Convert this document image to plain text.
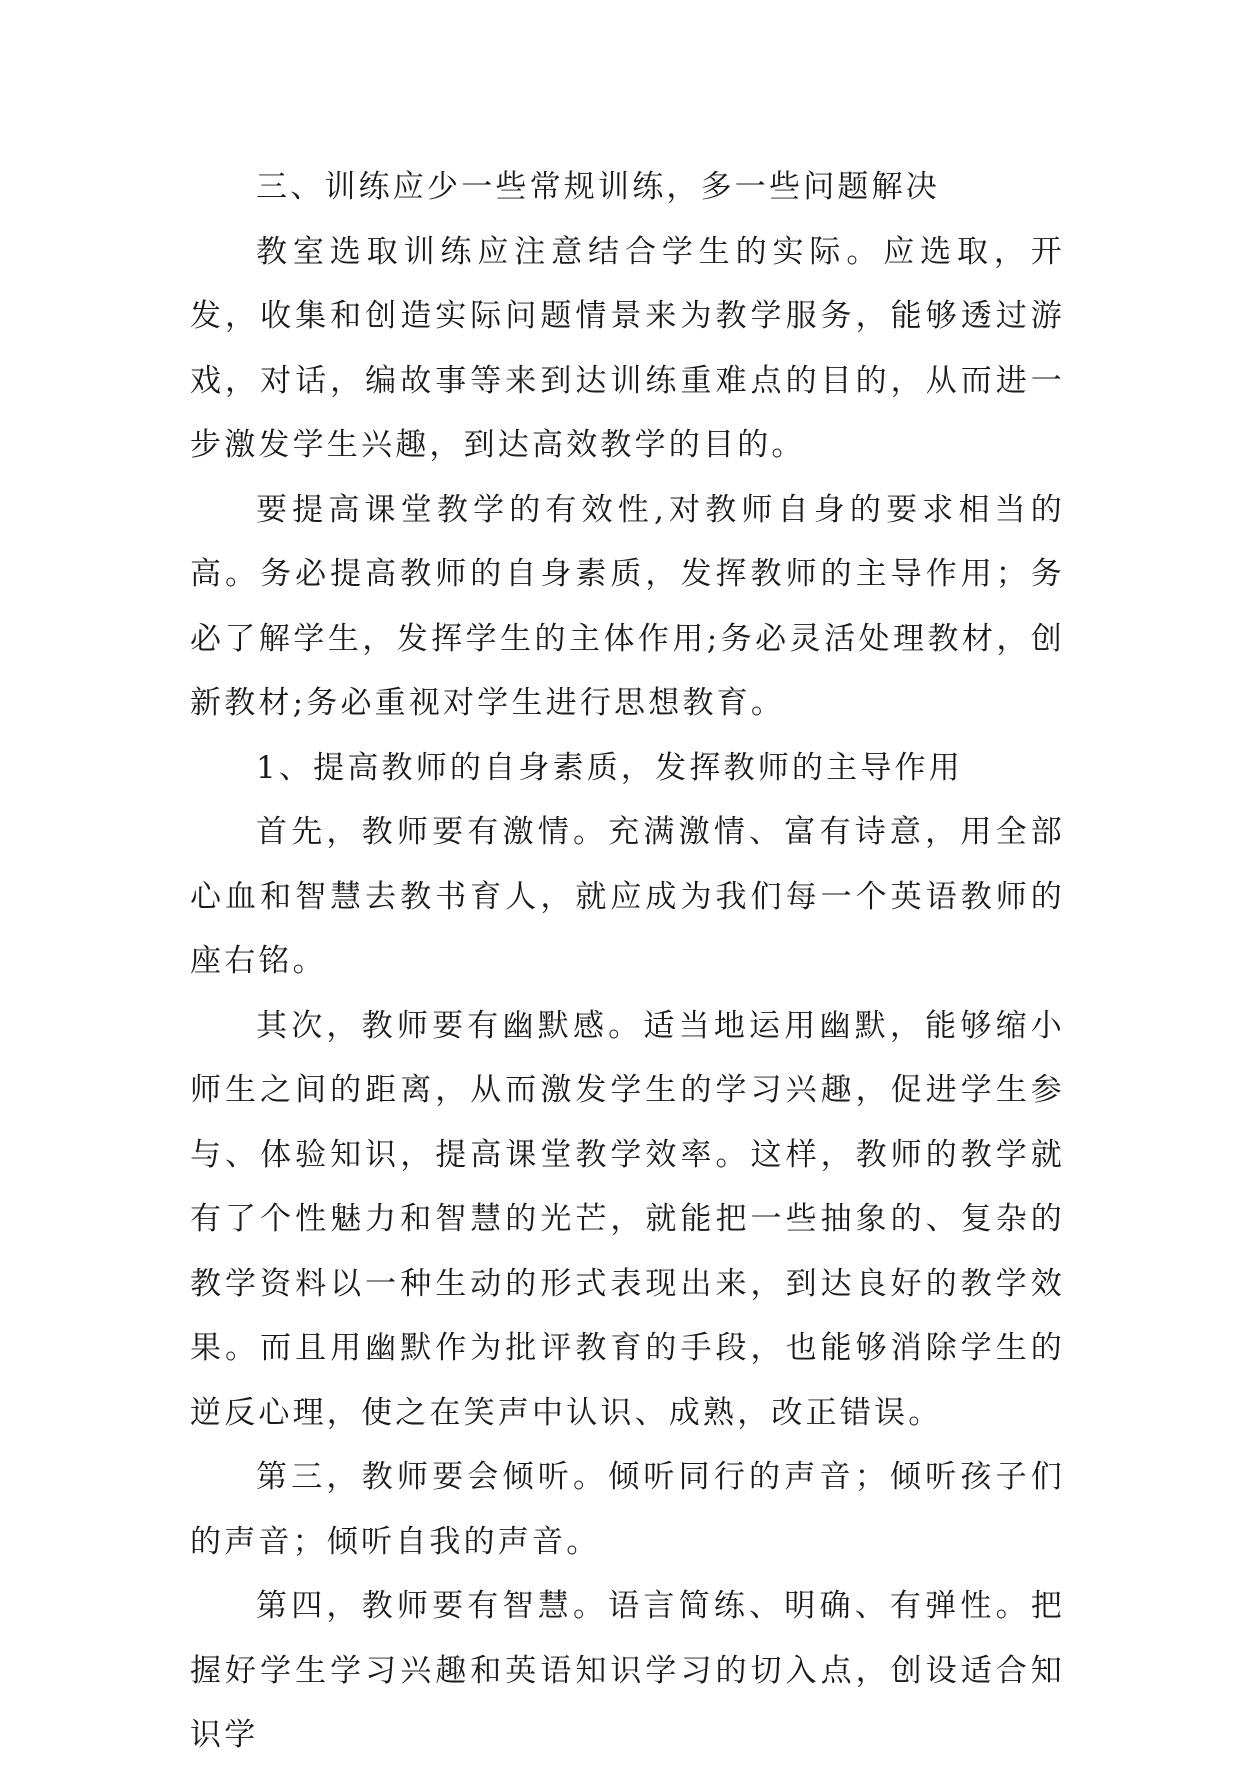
三、训练应少一些常规训练，多一些问题解决

教室选取训练应注意结合学生的实际。应选取，开发，收集和创造实际问题情景来为教学服务，能够透过游戏，对话，编故事等来到达训练重难点的目的，从而进一步激发学生兴趣，到达高效教学的目的。

要提高课堂教学的有效性,对教师自身的要求相当的高。务必提高教师的自身素质，发挥教师的主导作用；务必了解学生，发挥学生的主体作用;务必灵活处理教材，创新教材;务必重视对学生进行思想教育。

1、提高教师的自身素质，发挥教师的主导作用

首先，教师要有激情。充满激情、富有诗意，用全部心血和智慧去教书育人，就应成为我们每一个英语教师的座右铭。

其次，教师要有幽默感。适当地运用幽默，能够缩小师生之间的距离，从而激发学生的学习兴趣，促进学生参与、体验知识，提高课堂教学效率。这样，教师的教学就有了个性魅力和智慧的光芒，就能把一些抽象的、复杂的教学资料以一种生动的形式表现出来，到达良好的教学效果。而且用幽默作为批评教育的手段，也能够消除学生的逆反心理，使之在笑声中认识、成熟，改正错误。

第三，教师要会倾听。倾听同行的声音；倾听孩子们的声音；倾听自我的声音。

第四，教师要有智慧。语言简练、明确、有弹性。把握好学生学习兴趣和英语知识学习的切入点，创设适合知识学
